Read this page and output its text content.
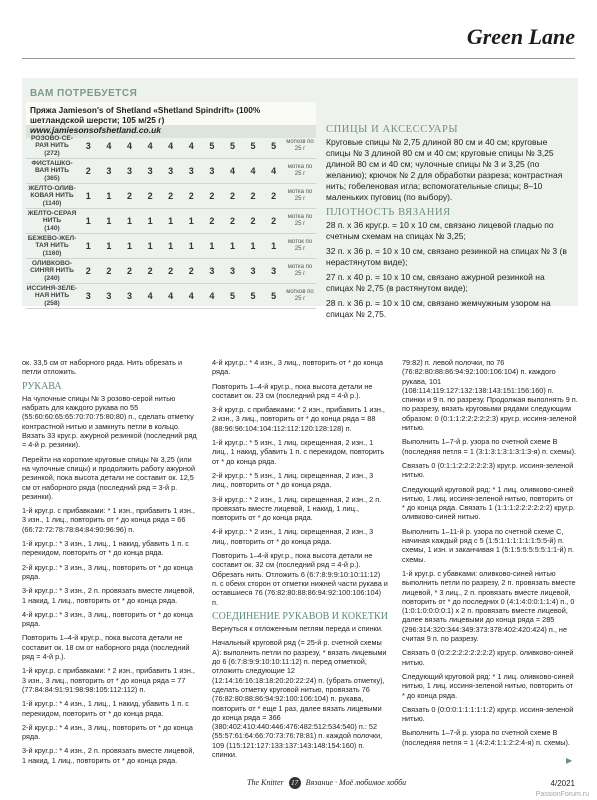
Green Lane
ВАМ ПОТРЕБУЕТСЯ
Пряжа Jamieson's of Shetland «Shetland Spindrift» (100% шетландской шерсти; 105 м/25 г)
www.jamiesonsofshetland.co.uk
РОЗОВО-СЕ-РАЯ НИТЬ
(272)	3	4	4	4	4	4	5	5	5	5	мотков по 25 г
ФИСТАШКО-ВАЯ НИТЬ
(365)	2	3	3	3	3	3	3	4	4	4	мотка по 25 г
ЖЕЛТО-ОЛИВ-КОВАЯ НИТЬ
(1140)	1	1	2	2	2	2	2	2	2	2	мотка по 25 г
ЖЕЛТО-СЕРАЯ НИТЬ
(140)	1	1	1	1	1	1	2	2	2	2	мотка по 25 г
БЕЖЕВО-ЖЕЛ-ТАЯ НИТЬ
(1160)	1	1	1	1	1	1	1	1	1	1	моток по 25 г
ОЛИВКОВО-СИНЯЯ НИТЬ
(240)	2	2	2	2	2	2	3	3	3	3	мотка по 25 г
ИССИНЯ-ЗЕЛЕ-НАЯ НИТЬ
(258)	3	3	3	4	4	4	4	5	5	5	мотков по 25 г
СПИЦЫ И АКСЕССУАРЫ

Круговые спицы № 2,75 длиной 80 см и 40 см; круговые спицы № 3 длиной 80 см и 40 см; круговые спицы № 3,25 длиной 80 см и 40 см; чулочные спицы № 3 и 3,25 (по желанию); крючок № 2 для обработки разреза; контрастная нить; гобеленовая игла; вспомогательные спицы; 8–10 маленьких пуговиц (по выбору).

ПЛОТНОСТЬ ВЯЗАНИЯ

28 п. х 36 круг.р. = 10 х 10 см, связано лицевой гладью по счетным схемам на спицах № 3,25;

32 п. х 36 р. = 10 х 10 см, связано резинкой на спицах № 3 (в нерастянутом виде);

27 п. х 40 р. = 10 х 10 см, связано ажурной резинкой на спицах № 2,75 (в растянутом виде);

28 п. х 36 р. = 10 х 10 см, связано жемчужным узором на спицах № 2,75.

ок. 33,5 см от наборного ряда. Нить обрезать и петли отложить.

РУКАВА

На чулочные спицы № 3 розово-серой нитью набрать для каждого рукава по 55 (55:60:60:65:65:70:70:75:80:80) п., сделать отметку контрастной нитью и замкнуть петли в кольцо. Вязать 33 круг.р. ажурной резинкой (последний ряд = 4-й р. резинки).

Перейти на короткие круговые спицы № 3,25 (или на чулочные спицы) и продолжить работу ажурной резинкой, пока высота детали не составит ок. 12,5 см от наборного ряда (последний ряд = 3-й р. резинки).

1-й круг.р. с прибавками: * 1 изн., прибавить 1 изн., 3 изн., 1 лиц., повторить от * до конца ряда = 66 (66:72:72:78:78:84:84:90:96:96) п.

1-й круг.р.: * 3 изн., 1 лиц., 1 накид, убавить 1 п. с перекидом, повторить от * до конца ряда.

2-й круг.р.: * 3 изн., 3 лиц., повторить от * до конца ряда.

3-й круг.р.: * 3 изн., 2 п. провязать вместе лицевой, 1 накид, 1 лиц., повторить от * до конца ряда.

4-й круг.р.: * 3 изн., 3 лиц., повторить от * до конца ряда.

Повторить 1–4-й круг.р., пока высота детали не составит ок. 18 см от наборного ряда (последний ряд = 4-й р.).

1-й круг.р. с прибавками: * 2 изн., прибавить 1 изн., 3 изн., 3 лиц., повторить от * до конца ряда = 77 (77:84:84:91:91:98:98:105:112:112) п.

1-й круг.р.: * 4 изн., 1 лиц., 1 накид, убавить 1 п. с перекидом, повторить от * до конца ряда.

2-й круг.р.: * 4 изн., 3 лиц., повторить от * до конца ряда.

3-й круг.р.: * 4 изн., 2 п. провязать вместе лицевой, 1 накид, 1 лиц., повторить от * до конца ряда.

4-й круг.р.: * 4 изн., 3 лиц., повторить от * до конца ряда.

Повторить 1–4-й круг.р., пока высота детали не составит ок. 23 см (последний ряд = 4-й р.).

3-й круг.р. с прибавками: * 2 изн., прибавить 1 изн., 2 изн., 3 лиц., повторить от * до конца ряда = 88 (88:96:96:104:104:112:112:120:128:128) п.

1-й круг.р.: * 5 изн., 1 лиц. скрещенная, 2 изн., 1 лиц., 1 накид, убавить 1 п. с перекидом, повторить от * до конца ряда.

2-й круг.р.: * 5 изн., 1 лиц. скрещенная, 2 изн., 3 лиц., повторить от * до конца ряда.

3-й круг.р.: * 2 изн., 1 лиц. скрещенная, 2 изн., 2 п. провязать вместе лицевой, 1 накид, 1 лиц., повторить от * до конца ряда.

4-й круг.р.: * 2 изн., 1 лиц. скрещенная, 2 изн., 3 лиц., повторить от * до конца ряда.

Повторить 1–4-й круг.р., пока высота детали не составит ок. 32 см (последний ряд = 4-й р.). Обрезать нить. Отложить 6 (6:7:8:9:9:10:10:11:12) п. с обеих сторон от отметки нижней части рукава и оставшиеся 76 (76:82:80:88:86:94:92:100:106:104) п.

СОЕДИНЕНИЕ РУКАВОВ И КОКЕТКИ

Вернуться к отложенным петлям переда и спинки.

Начальный круговой ряд (= 25-й р. счетной схемы А): выполнить петли по разрезу, * вязать лицевыми до 6 (6:7:8:9:9:10:10:11:12) п. перед отметкой, отложить следующие 12 (12:14:16:16:18:18:20:20:22:24) п. (убрать отметку), сделать отметку круговой нитью, провязать 76 (76:82:80:88:86:94:92:100:106:104) п. рукава, повторить от * еще 1 раз, далее вязать лицевыми до конца ряда = 366 (380:402:410:440:446:476:482:512:534:540) п.: 52 (55:57:61:64:66:70:73:76:78:81) п. каждой полочки, 109 (115:121:127:133:137:143:148:154:160) п. спинки.

79:82) п. левой полочки, по 76 (76:82:80:88:86:94:92:100:106:104) п. каждого рукава, 101 (108:114:119:127:132:138:143:151:156:160) п. спинки и 9 п. по разрезу. Продолжая выполнять 9 п. по разрезу, вязать круговыми рядами следующим образом: 0 (0:1:1:2:2:2:2:2:3) круг.р. иссиня-зеленой нитью.

Выполнить 1–7-й р. узора по счетной схеме В (последняя петля = 1 (3:1:3:1:3:1:3:1:3-я) п. схемы).

Связать 0 (0:1:1:2:2:2:2:2:3) круг.р. иссиня-зеленой нитью.

Следующий круговой ряд: * 1 лиц. оливково-синей нитью, 1 лиц. иссиня-зеленой нитью, повторить от * до конца ряда. Связать 1 (1:1:1:2:2:2:2:2:2) круг.р. оливково-синей нитью.

Выполнить 1–11-й р. узора по счетной схеме С, начиная каждый ряд с 5 (1:5:1:1:1:1:1:1:5:5-й) п. схемы, 1 изн. и заканчивая 1 (5:1:5:5:5:5:5:1:1-й) п. схемы.

1-й круг.р. с убавками: оливково-синей нитью выполнить петли по разрезу, 2 п. провязать вместе лицевой, * 3 лиц., 2 п. провязать вместе лицевой, повторить от * до последних 0 (4:1:4:0:0:1:1:4) п., 0 (1:0:1:0:0:0:0:1) х 2 п. провязать вместе лицевой, далее вязать лицевыми до конца ряда = 285 (296:314:320:344:349:373:378:402:420:424) п., не считая 9 п. по разрезу.

Связать 0 (0:2:2:2:2:2:2:2:2) круг.р. оливково-синей нитью.

Следующий круговой ряд: * 1 лиц. оливково-синей нитью, 1 лиц. иссиня-зеленой нитью, повторить от * до конца ряда.

Связать 0 (0:0:0:1:1:1:1:1:2) круг.р. иссиня-зеленой нитью.

Выполнить 1–7-й р. узора по счетной схеме В (последняя петля = 1 (4:2:4:1:1:2:2:4-я) п. схемы).

▶
The Knitter 17 Вязание · Моё любимое хобби	4/2021
PassionForum.ru
